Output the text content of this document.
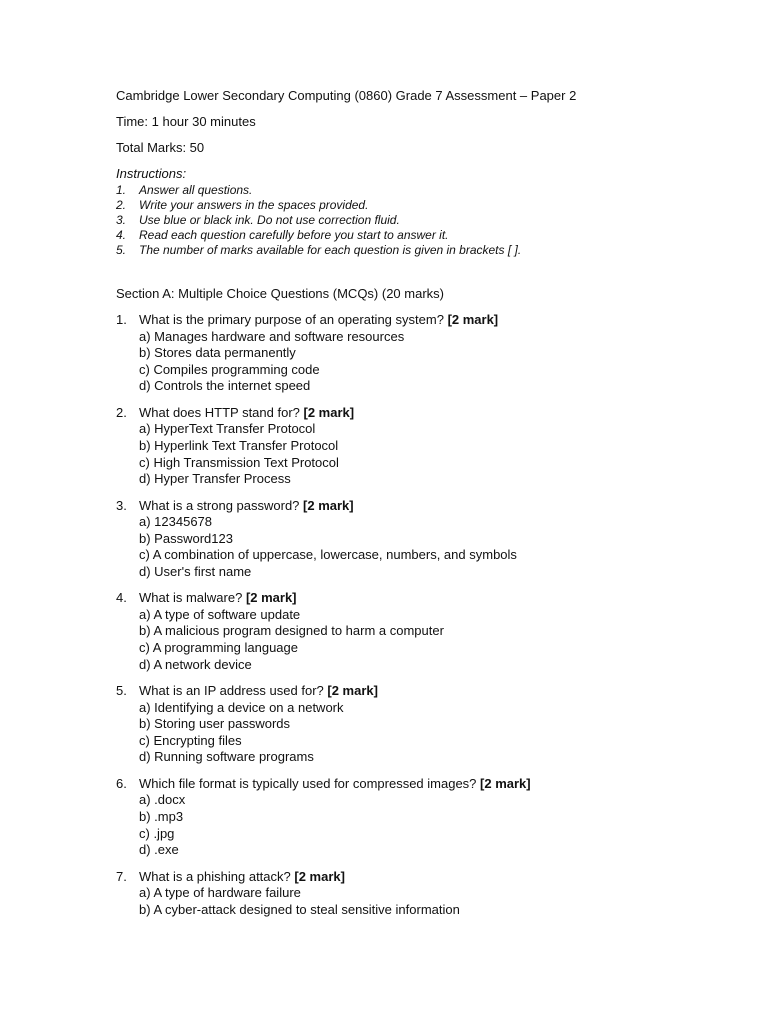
Cambridge Lower Secondary Computing (0860) Grade 7 Assessment – Paper 2
Time: 1 hour 30 minutes
Total Marks: 50
Instructions:
1. Answer all questions.
2. Write your answers in the spaces provided.
3. Use blue or black ink. Do not use correction fluid.
4. Read each question carefully before you start to answer it.
5. The number of marks available for each question is given in brackets [ ].
Section A: Multiple Choice Questions (MCQs) (20 marks)
1. What is the primary purpose of an operating system? [2 mark]
a) Manages hardware and software resources
b) Stores data permanently
c) Compiles programming code
d) Controls the internet speed
2. What does HTTP stand for? [2 mark]
a) HyperText Transfer Protocol
b) Hyperlink Text Transfer Protocol
c) High Transmission Text Protocol
d) Hyper Transfer Process
3. What is a strong password? [2 mark]
a) 12345678
b) Password123
c) A combination of uppercase, lowercase, numbers, and symbols
d) User's first name
4. What is malware? [2 mark]
a) A type of software update
b) A malicious program designed to harm a computer
c) A programming language
d) A network device
5. What is an IP address used for? [2 mark]
a) Identifying a device on a network
b) Storing user passwords
c) Encrypting files
d) Running software programs
6. Which file format is typically used for compressed images? [2 mark]
a) .docx
b) .mp3
c) .jpg
d) .exe
7. What is a phishing attack? [2 mark]
a) A type of hardware failure
b) A cyber-attack designed to steal sensitive information
